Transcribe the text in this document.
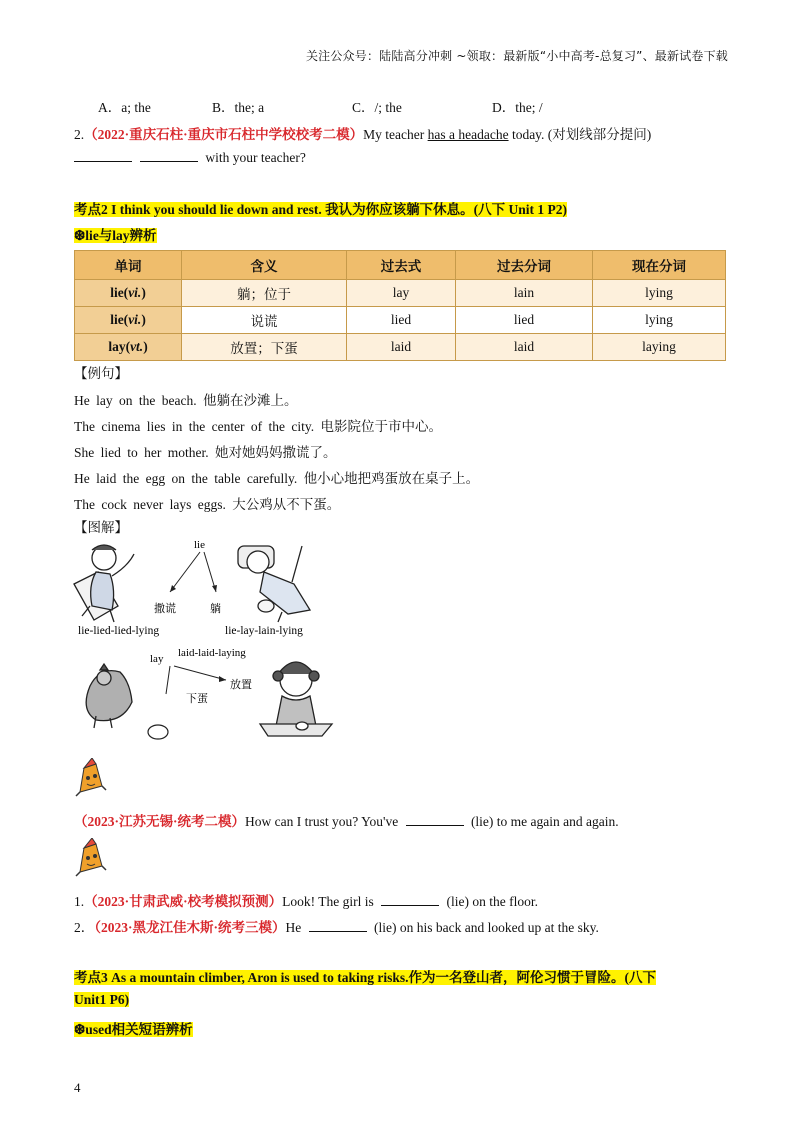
关注公众号：陆陆高分冲刺 ~领取：最新版“小中高考-总复习”、最新试卷下载
A．a; the	B．the; a	C．/; the	D．the; /
2.（2022·重庆石柱·重庆市石柱中学校校考二模）My teacher has a headache today. (对划线部分提问)
with your teacher?
考点2 I think you should lie down and rest. 我认为你应该躺下休息。(八下 Unit 1 P2)
❆lie与lay辨析
单词	含义	过去式	过去分词	现在分词
lie(vi.)	躺；位于	lay	lain	lying
lie(vi.)	说谎	lied	lied	lying
lay(vt.)	放置；下蛋	laid	laid	laying
【例句】
He lay on the beach. 他躺在沙滩上。
The cinema lies in the center of the city. 电影院位于市中心。
She lied to her mother. 她对她妈妈撒谎了。
He laid the egg on the table carefully. 他小心地把鸡蛋放在桌子上。
The cock never lays eggs. 大公鸡从不下蛋。
【图解】
lie
撒谎	躺
lie-lied-lied-lying	lie-lay-lain-lying
lay laid-laid-laying
下蛋
放置
（2023·江苏无锡·统考二模）How can I trust you? You've	(lie) to me again and again.
1.（2023·甘肃武威·校考模拟预测）Look! The girl is	(lie) on the floor.
2．（2023·黑龙江佳木斯·统考三模）He	(lie) on his back and looked up at the sky.
考点3 As a mountain climber, Aron is used to taking risks.作为一名登山者，阿伦习惯于冒险。(八下
Unit1 P6)
❆used相关短语辨析
4
